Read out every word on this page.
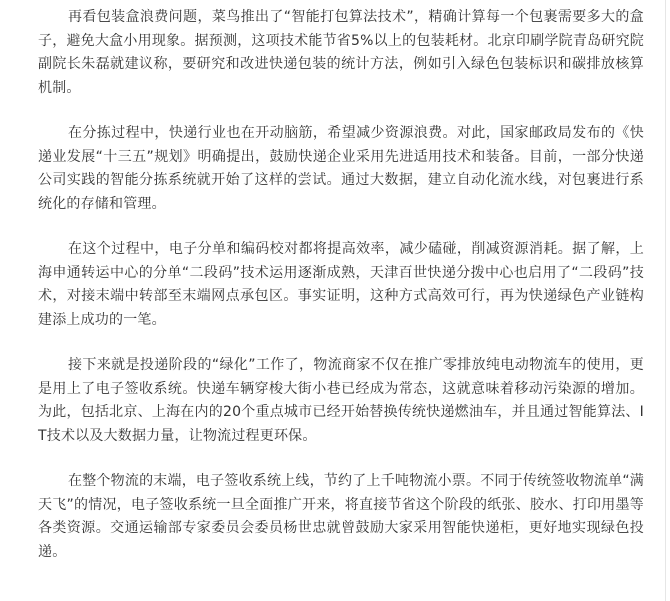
再看包装盒浪费问题，菜鸟推出了“智能打包算法技术”，精确计算每一个包裹需要多大的盒子，避免大盒小用现象。据预测，这项技术能节省5%以上的包装耗材。北京印刷学院青岛研究院副院长朱磊就建议称，要研究和改进快递包装的统计方法，例如引入绿色包装标识和碳排放核算机制。

在分拣过程中，快递行业也在开动脑筋，希望减少资源浪费。对此，国家邮政局发布的《快递业发展“十三五”规划》明确提出，鼓励快递企业采用先进适用技术和装备。目前，一部分快递公司实践的智能分拣系统就开始了这样的尝试。通过大数据，建立自动化流水线，对包裹进行系统化的存储和管理。

在这个过程中，电子分单和编码校对都将提高效率，减少磕碰，削减资源消耗。据了解，上海申通转运中心的分单“二段码”技术运用逐渐成熟，天津百世快递分拨中心也启用了“二段码”技术，对接末端中转部至末端网点承包区。事实证明，这种方式高效可行，再为快递绿色产业链构建添上成功的一笔。

接下来就是投递阶段的“绿化”工作了，物流商家不仅在推广零排放纯电动物流车的使用，更是用上了电子签收系统。快递车辆穿梭大街小巷已经成为常态，这就意味着移动污染源的增加。为此，包括北京、上海在内的20个重点城市已经开始替换传统快递燃油车，并且通过智能算法、IT技术以及大数据力量，让物流过程更环保。

在整个物流的末端，电子签收系统上线，节约了上千吨物流小票。不同于传统签收物流单“满天飞”的情况，电子签收系统一旦全面推广开来，将直接节省这个阶段的纸张、胶水、打印用墨等各类资源。交通运输部专家委员会委员杨世忠就曾鼓励大家采用智能快递柜，更好地实现绿色投递。
